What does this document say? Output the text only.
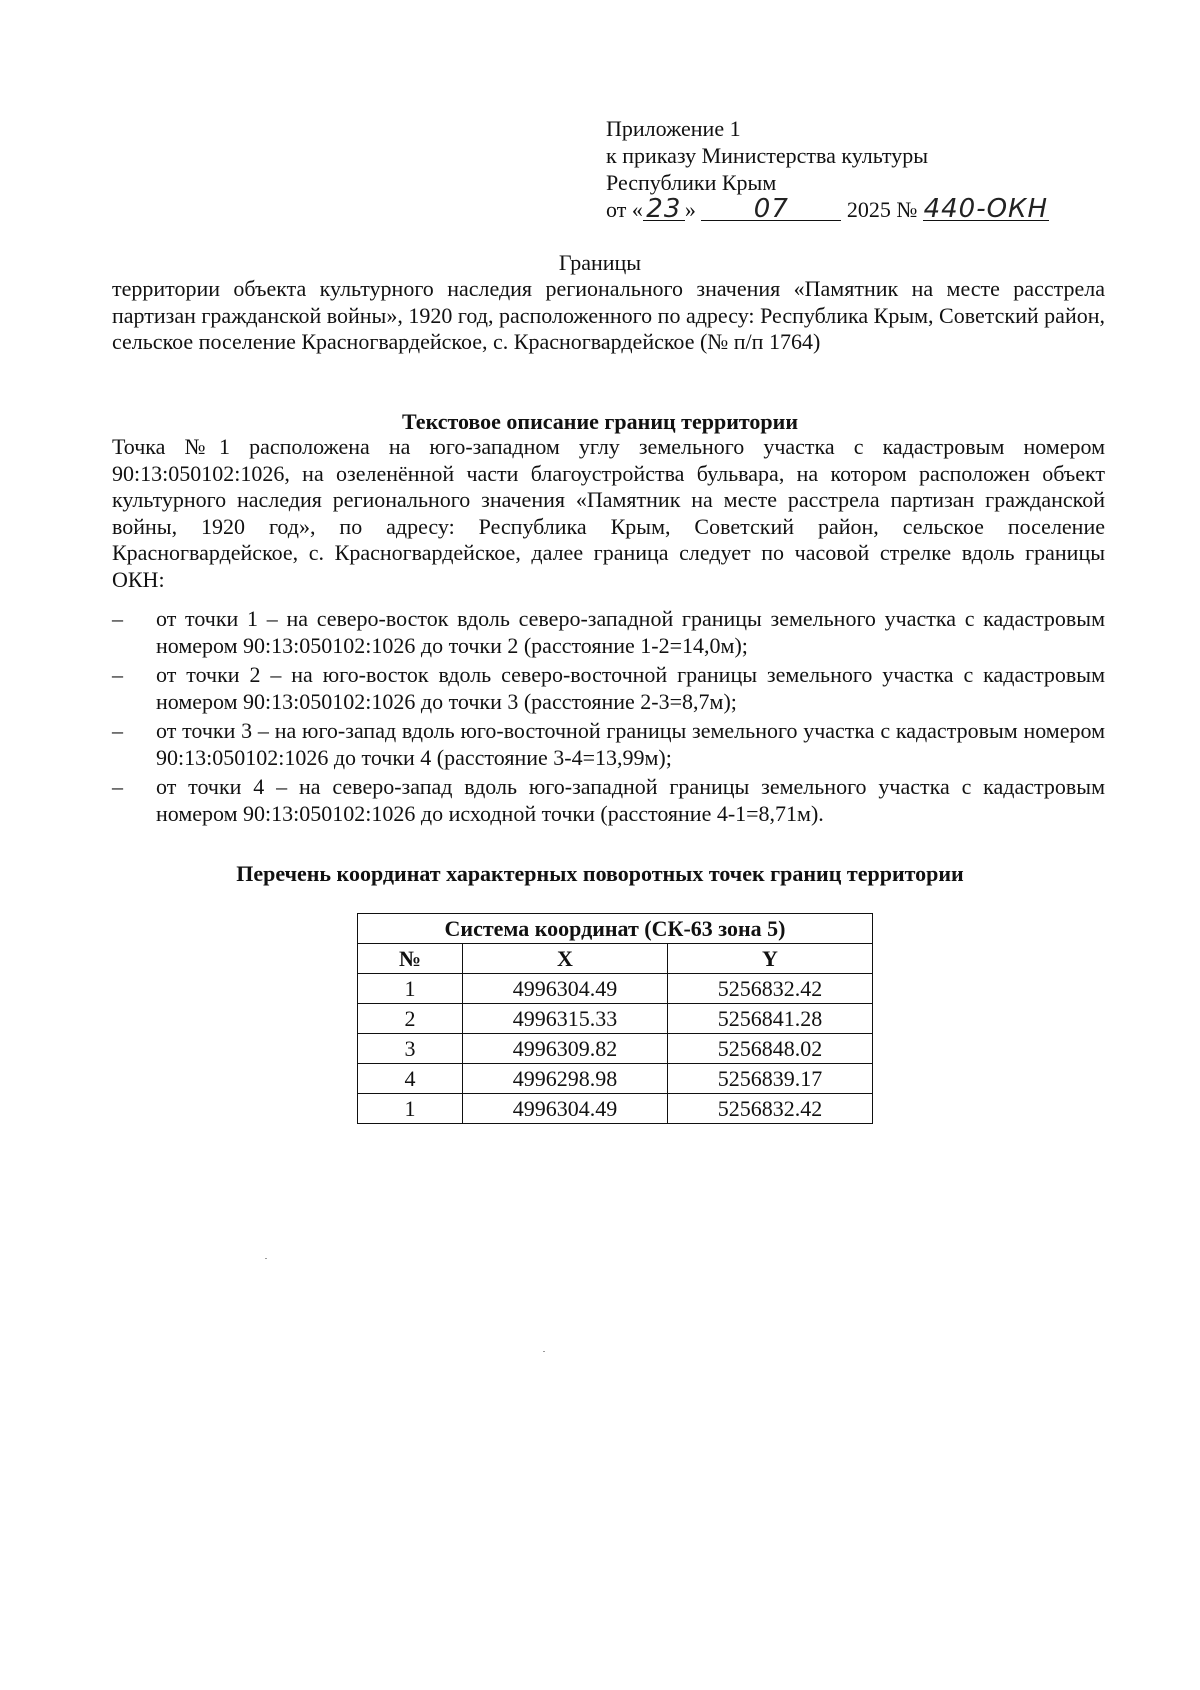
Приложение 1
к приказу Министерства культуры
Республики Крым
от « 23 » 07	2025 № 440-ОКН
Границы
территории объекта культурного наследия регионального значения «Памятник на месте расстрела партизан гражданской войны», 1920 год, расположенного по адресу: Республика Крым, Советский район, сельское поселение Красногвардейское, с. Красногвардейское (№ п/п 1764)
Текстовое описание границ территории
Точка №1 расположена на юго-западном углу земельного участка с кадастровым номером 90:13:050102:1026, на озеленённой части благоустройства бульвара, на котором расположен объект культурного наследия регионального значения «Памятник на месте расстрела партизан гражданской войны, 1920 год», по адресу: Республика Крым, Советский район, сельское поселение Красногвардейское, с. Красногвардейское, далее граница следует по часовой стрелке вдоль границы ОКН:
– от точки 1 – на северо-восток вдоль северо-западной границы земельного участка с кадастровым номером 90:13:050102:1026 до точки 2 (расстояние 1-2=14,0м);
– от точки 2 – на юго-восток вдоль северо-восточной границы земельного участка с кадастровым номером 90:13:050102:1026 до точки 3 (расстояние 2-3=8,7м);
– от точки 3 – на юго-запад вдоль юго-восточной границы земельного участка с кадастровым номером 90:13:050102:1026 до точки 4 (расстояние 3-4=13,99м);
– от точки 4 – на северо-запад вдоль юго-западной границы земельного участка с кадастровым номером 90:13:050102:1026 до исходной точки (расстояние 4-1=8,71м).
Перечень координат характерных поворотных точек границ территории
Система координат (СК-63 зона 5)		
№	X	Y
1	4996304.49	5256832.42
2	4996315.33	5256841.28
3	4996309.82	5256848.02
4	4996298.98	5256839.17
1	4996304.49	5256832.42
